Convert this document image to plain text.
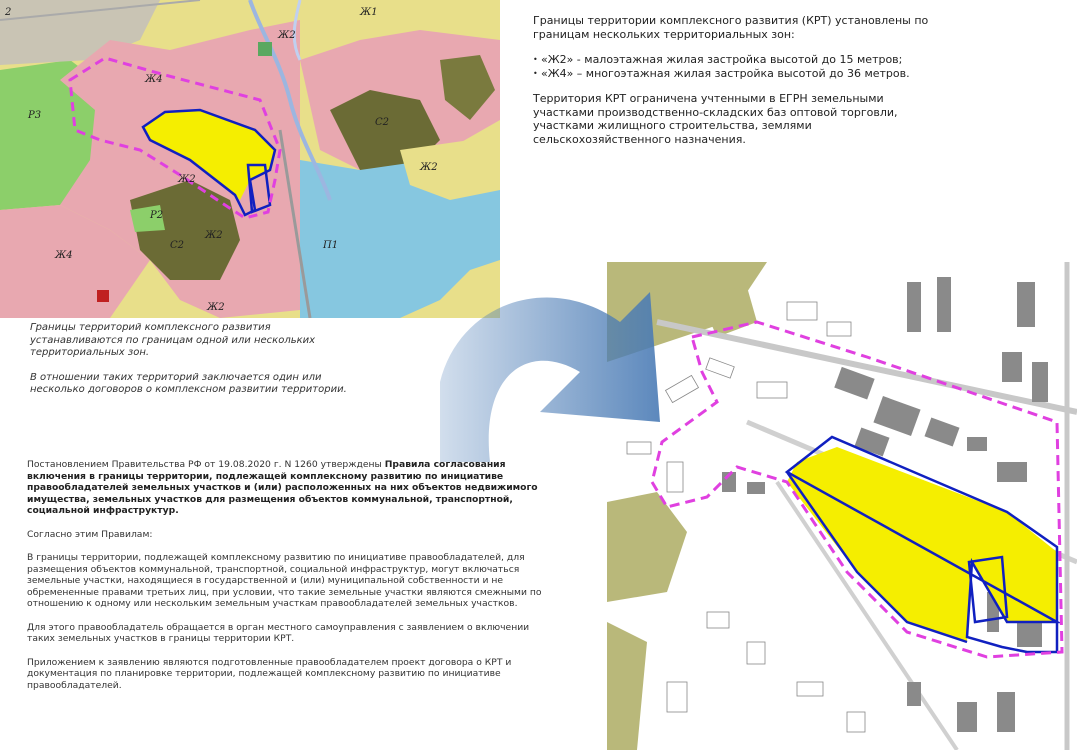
Ж1
Ж2
Ж4
Р3
С2
Ж2
Ж2
Р2
Ж2
С2	П1
Ж4
Ж2
2

Границы территории комплексного развития (КРТ) установлены по границам нескольких территориальных зон:

• «Ж2» - малоэтажная жилая застройка высотой до 15 метров;
• «Ж4» – многоэтажная жилая застройка высотой до 36 метров.

Территория КРТ ограничена учтенными в ЕГРН земельными участками производственно-складских баз оптовой торговли, участками жилищного строительства, землями сельскохозяйственного назначения.

Границы территорий комплексного развития устанавливаются по границам одной или нескольких территориальных зон.

В отношении таких территорий заключается один или несколько договоров о комплексном развитии территории.

Постановлением Правительства РФ от 19.08.2020 г. N 1260 утверждены Правила согласования включения в границы территории, подлежащей комплексному развитию по инициативе правообладателей земельных участков и (или) расположенных на них объектов недвижимого имущества, земельных участков для размещения объектов коммунальной, транспортной, социальной инфраструктур.

Согласно этим Правилам:

В границы территории, подлежащей комплексному развитию по инициативе правообладателей, для размещения объектов коммунальной, транспортной, социальной инфраструктур, могут включаться земельные участки, находящиеся в государственной и (или) муниципальной собственности и не обремененные правами третьих лиц, при условии, что такие земельные участки являются смежными по отношению к одному или нескольким земельным участкам правообладателей земельных участков.

Для этого правообладатель обращается в орган местного самоуправления с заявлением о включении таких земельных участков в границы территории КРТ.

Приложением к заявлению являются подготовленные правообладателем проект договора о КРТ и документация по планировке территории, подлежащей комплексному развитию по инициативе правообладателей.
